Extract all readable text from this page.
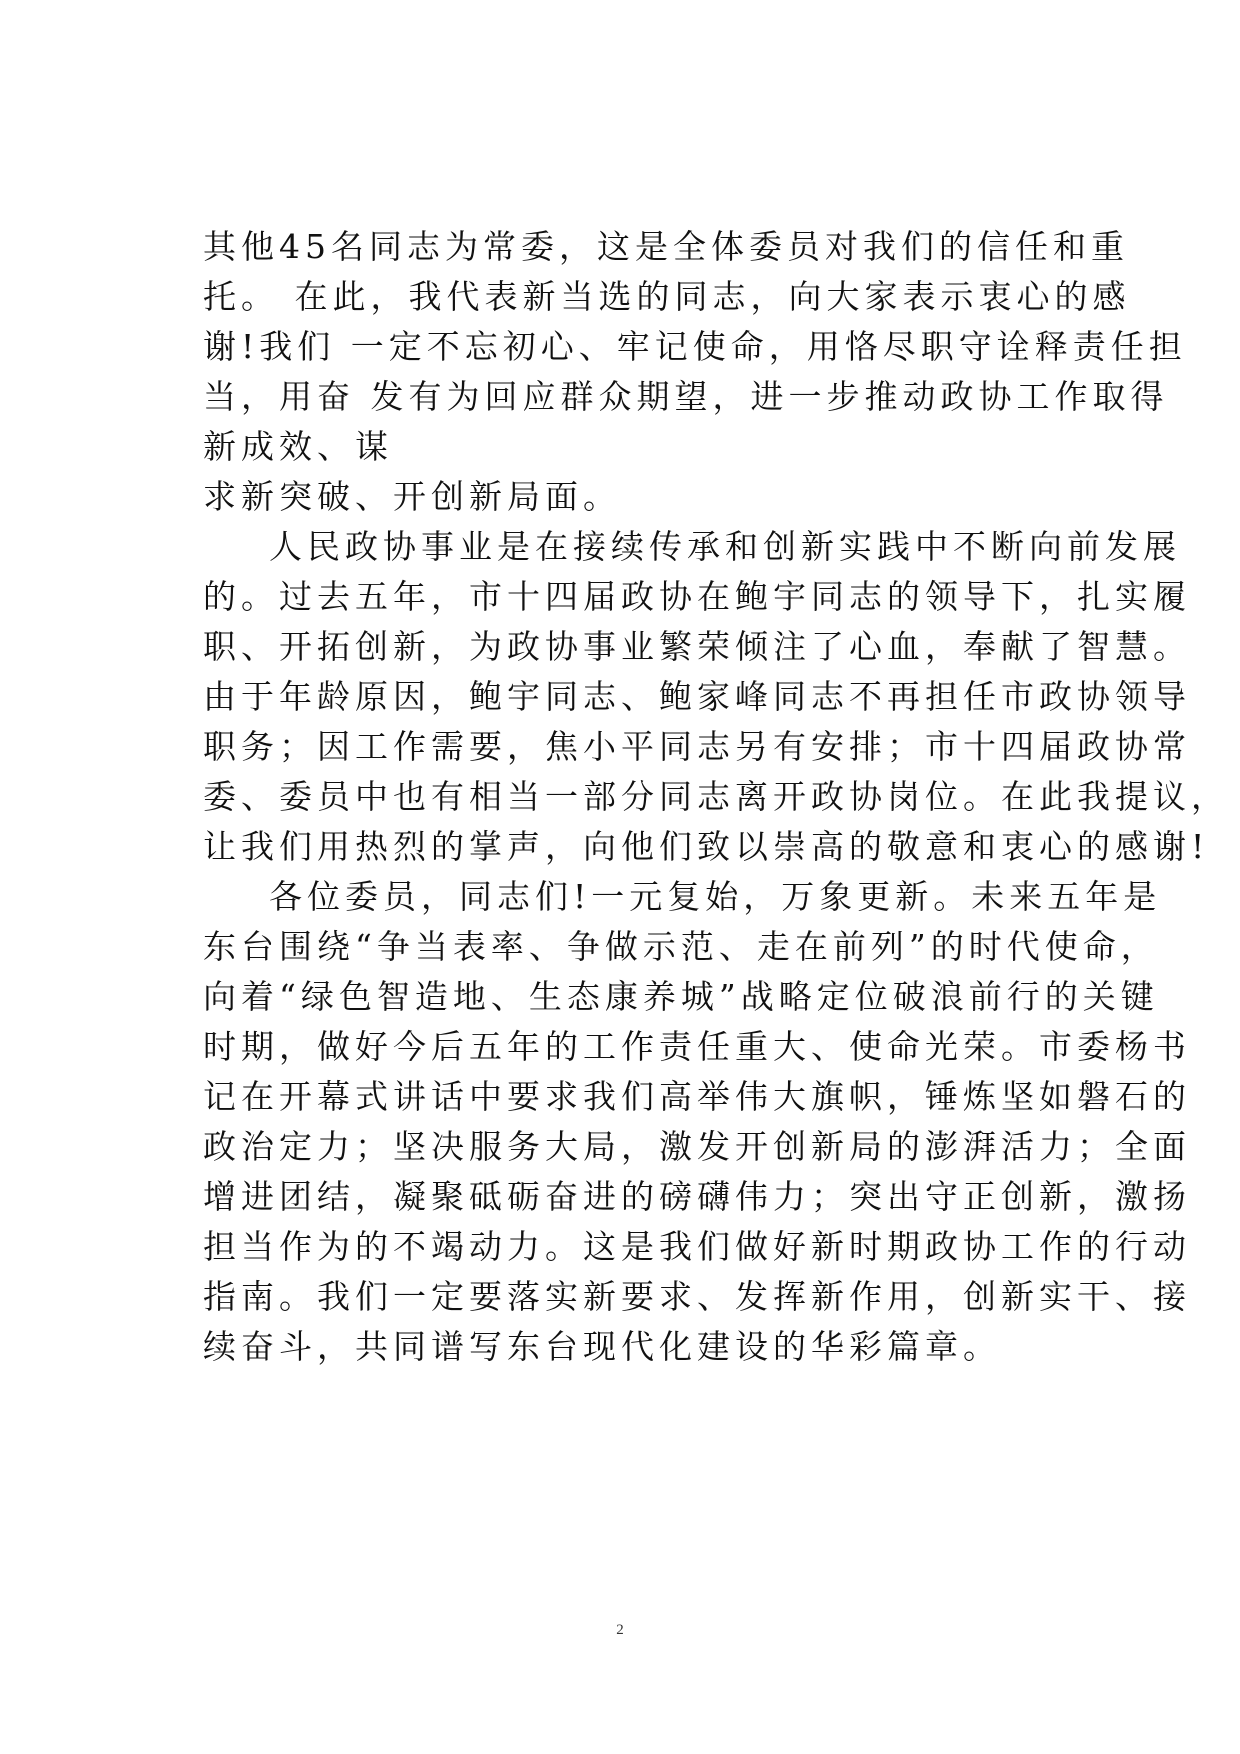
其他45名同志为常委，这是全体委员对我们的信任和重
托。 在此，我代表新当选的同志，向大家表示衷心的感
谢!我们 一定不忘初心、牢记使命，用恪尽职守诠释责任担
当，用奋 发有为回应群众期望，进一步推动政协工作取得
新成效、谋
求新突破、开创新局面。
人民政协事业是在接续传承和创新实践中不断向前发展
的。过去五年，市十四届政协在鲍宇同志的领导下，扎实履
职、开拓创新，为政协事业繁荣倾注了心血，奉献了智慧。
由于年龄原因，鲍宇同志、鲍家峰同志不再担任市政协领导
职务；因工作需要，焦小平同志另有安排；市十四届政协常
委、委员中也有相当一部分同志离开政协岗位。在此我提议，
让我们用热烈的掌声，向他们致以崇高的敬意和衷心的感谢!
各位委员，同志们!一元复始，万象更新。未来五年是
东台围绕“争当表率、争做示范、走在前列”的时代使命，
向着“绿色智造地、生态康养城”战略定位破浪前行的关键
时期，做好今后五年的工作责任重大、使命光荣。市委杨书
记在开幕式讲话中要求我们高举伟大旗帜，锤炼坚如磐石的
政治定力；坚决服务大局，激发开创新局的澎湃活力；全面
增进团结，凝聚砥砺奋进的磅礴伟力；突出守正创新，激扬
担当作为的不竭动力。这是我们做好新时期政协工作的行动
指南。我们一定要落实新要求、发挥新作用，创新实干、接
续奋斗，共同谱写东台现代化建设的华彩篇章。
2
